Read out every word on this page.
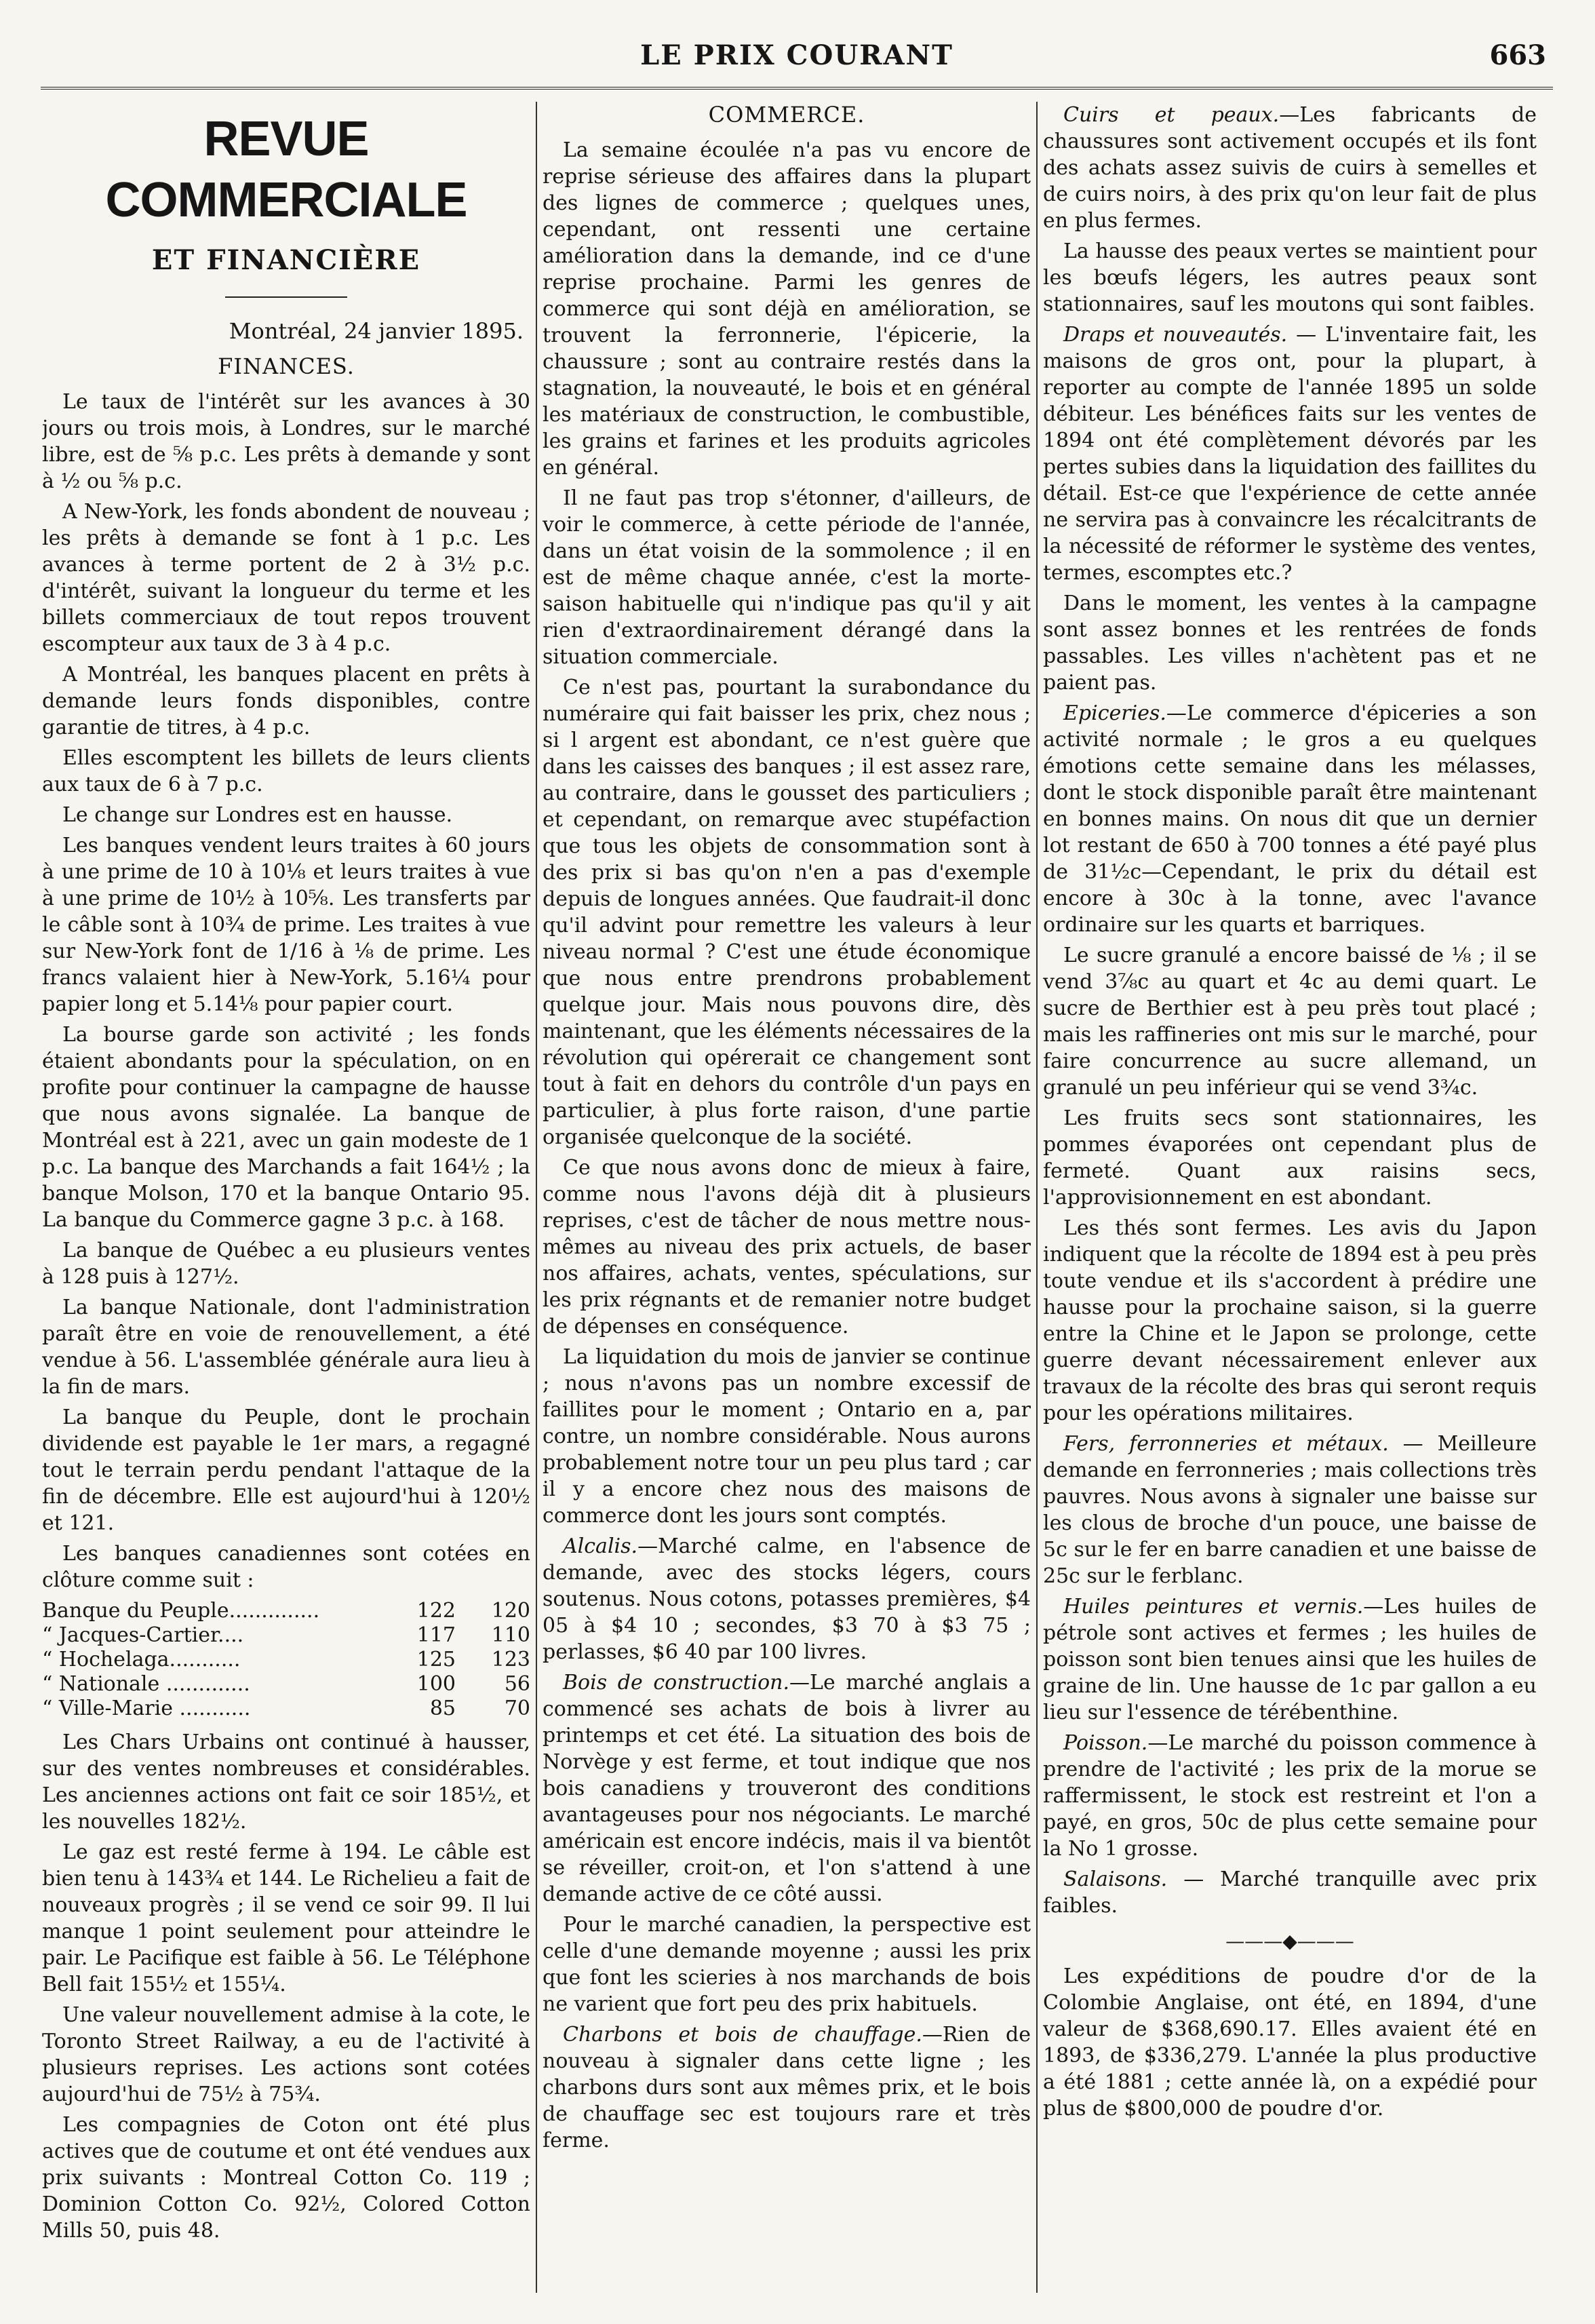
LE PRIX COURANT	663
REVUE COMMERCIALE
ET FINANCIÈRE
Montréal, 24 janvier 1895.
FINANCES.

Le taux de l'intérêt sur les avances à 30 jours ou trois mois, à Londres, sur le marché libre, est de ⅝ p.c. Les prêts à demande y sont à ½ ou ⅝ p.c.

A New-York, les fonds abondent de nouveau ; les prêts à demande se font à 1 p.c. Les avances à terme portent de 2 à 3½ p.c. d'intérêt, suivant la longueur du terme et les billets commerciaux de tout repos trouvent escompteur aux taux de 3 à 4 p.c.

A Montréal, les banques placent en prêts à demande leurs fonds disponibles, contre garantie de titres, à 4 p.c.

Elles escomptent les billets de leurs clients aux taux de 6 à 7 p.c.

Le change sur Londres est en hausse.

Les banques vendent leurs traites à 60 jours à une prime de 10 à 10⅛ et leurs traites à vue à une prime de 10½ à 10⅝. Les transferts par le câble sont à 10¾ de prime. Les traites à vue sur New-York font de 1/16 à ⅛ de prime. Les francs valaient hier à New-York, 5.16¼ pour papier long et 5.14⅛ pour papier court.

La bourse garde son activité ; les fonds étaient abondants pour la spéculation, on en profite pour continuer la campagne de hausse que nous avons signalée. La banque de Montréal est à 221, avec un gain modeste de 1 p.c. La banque des Marchands a fait 164½ ; la banque Molson, 170 et la banque Ontario 95. La banque du Commerce gagne 3 p.c. à 168.

La banque de Québec a eu plusieurs ventes à 128 puis à 127½.

La banque Nationale, dont l'administration paraît être en voie de renouvellement, a été vendue à 56. L'assemblée générale aura lieu à la fin de mars.

La banque du Peuple, dont le prochain dividende est payable le 1er mars, a regagné tout le terrain perdu pendant l'attaque de la fin de décembre. Elle est aujourd'hui à 120½ et 121.

Les banques canadiennes sont cotées en clôture comme suit :

Banque du Peuple..............	122	120
“ Jacques-Cartier....	117	110
“ Hochelaga...........	125	123
“ Nationale .............	100	56
“ Ville-Marie ...........	85	70

Les Chars Urbains ont continué à hausser, sur des ventes nombreuses et considérables. Les anciennes actions ont fait ce soir 185½, et les nouvelles 182½.

Le gaz est resté ferme à 194. Le câble est bien tenu à 143¾ et 144. Le Richelieu a fait de nouveaux progrès ; il se vend ce soir 99. Il lui manque 1 point seulement pour atteindre le pair. Le Pacifique est faible à 56. Le Téléphone Bell fait 155½ et 155¼.

Une valeur nouvellement admise à la cote, le Toronto Street Railway, a eu de l'activité à plusieurs reprises. Les actions sont cotées aujourd'hui de 75½ à 75¾.

Les compagnies de Coton ont été plus actives que de coutume et ont été vendues aux prix suivants : Montreal Cotton Co. 119 ; Dominion Cotton Co. 92½, Colored Cotton Mills 50, puis 48.

COMMERCE.

La semaine écoulée n'a pas vu encore de reprise sérieuse des affaires dans la plupart des lignes de commerce ; quelques unes, cependant, ont ressenti une certaine amélioration dans la demande, ind ce d'une reprise prochaine. Parmi les genres de commerce qui sont déjà en amélioration, se trouvent la ferronnerie, l'épicerie, la chaussure ; sont au contraire restés dans la stagnation, la nouveauté, le bois et en général les matériaux de construction, le combustible, les grains et farines et les produits agricoles en général.

Il ne faut pas trop s'étonner, d'ailleurs, de voir le commerce, à cette période de l'année, dans un état voisin de la sommolence ; il en est de même chaque année, c'est la morte-saison habituelle qui n'indique pas qu'il y ait rien d'extraordinairement dérangé dans la situation commerciale.

Ce n'est pas, pourtant la surabondance du numéraire qui fait baisser les prix, chez nous ; si l argent est abondant, ce n'est guère que dans les caisses des banques ; il est assez rare, au contraire, dans le gousset des particuliers ; et cependant, on remarque avec stupéfaction que tous les objets de consommation sont à des prix si bas qu'on n'en a pas d'exemple depuis de longues années. Que faudrait-il donc qu'il advint pour remettre les valeurs à leur niveau normal ? C'est une étude économique que nous entre prendrons probablement quelque jour. Mais nous pouvons dire, dès maintenant, que les éléments nécessaires de la révolution qui opérerait ce changement sont tout à fait en dehors du contrôle d'un pays en particulier, à plus forte raison, d'une partie organisée quelconque de la société.

Ce que nous avons donc de mieux à faire, comme nous l'avons déjà dit à plusieurs reprises, c'est de tâcher de nous mettre nous-mêmes au niveau des prix actuels, de baser nos affaires, achats, ventes, spéculations, sur les prix régnants et de remanier notre budget de dépenses en conséquence.

La liquidation du mois de janvier se continue ; nous n'avons pas un nombre excessif de faillites pour le moment ; Ontario en a, par contre, un nombre considérable. Nous aurons probablement notre tour un peu plus tard ; car il y a encore chez nous des maisons de commerce dont les jours sont comptés.

Alcalis.—Marché calme, en l'absence de demande, avec des stocks légers, cours soutenus. Nous cotons, potasses premières, $4 05 à $4 10 ; secondes, $3 70 à $3 75 ; perlasses, $6 40 par 100 livres.

Bois de construction.—Le marché anglais a commencé ses achats de bois à livrer au printemps et cet été. La situation des bois de Norvège y est ferme, et tout indique que nos bois canadiens y trouveront des conditions avantageuses pour nos négociants. Le marché américain est encore indécis, mais il va bientôt se réveiller, croit-on, et l'on s'attend à une demande active de ce côté aussi.

Pour le marché canadien, la perspective est celle d'une demande moyenne ; aussi les prix que font les scieries à nos marchands de bois ne varient que fort peu des prix habituels.

Charbons et bois de chauffage.—Rien de nouveau à signaler dans cette ligne ; les charbons durs sont aux mêmes prix, et le bois de chauffage sec est toujours rare et très ferme.

Cuirs et peaux.—Les fabricants de chaussures sont activement occupés et ils font des achats assez suivis de cuirs à semelles et de cuirs noirs, à des prix qu'on leur fait de plus en plus fermes.

La hausse des peaux vertes se maintient pour les bœufs légers, les autres peaux sont stationnaires, sauf les moutons qui sont faibles.

Draps et nouveautés. — L'inventaire fait, les maisons de gros ont, pour la plupart, à reporter au compte de l'année 1895 un solde débiteur. Les bénéfices faits sur les ventes de 1894 ont été complètement dévorés par les pertes subies dans la liquidation des faillites du détail. Est-ce que l'expérience de cette année ne servira pas à convaincre les récalcitrants de la nécessité de réformer le système des ventes, termes, escomptes etc.?

Dans le moment, les ventes à la campagne sont assez bonnes et les rentrées de fonds passables. Les villes n'achètent pas et ne paient pas.

Epiceries.—Le commerce d'épiceries a son activité normale ; le gros a eu quelques émotions cette semaine dans les mélasses, dont le stock disponible paraît être maintenant en bonnes mains. On nous dit que un dernier lot restant de 650 à 700 tonnes a été payé plus de 31½c—Cependant, le prix du détail est encore à 30c à la tonne, avec l'avance ordinaire sur les quarts et barriques.

Le sucre granulé a encore baissé de ⅛ ; il se vend 3⅞c au quart et 4c au demi quart. Le sucre de Berthier est à peu près tout placé ; mais les raffineries ont mis sur le marché, pour faire concurrence au sucre allemand, un granulé un peu inférieur qui se vend 3¾c.

Les fruits secs sont stationnaires, les pommes évaporées ont cependant plus de fermeté. Quant aux raisins secs, l'approvisionnement en est abondant.

Les thés sont fermes. Les avis du Japon indiquent que la récolte de 1894 est à peu près toute vendue et ils s'accordent à prédire une hausse pour la prochaine saison, si la guerre entre la Chine et le Japon se prolonge, cette guerre devant nécessairement enlever aux travaux de la récolte des bras qui seront requis pour les opérations militaires.

Fers, ferronneries et métaux. — Meilleure demande en ferronneries ; mais collections très pauvres. Nous avons à signaler une baisse sur les clous de broche d'un pouce, une baisse de 5c sur le fer en barre canadien et une baisse de 25c sur le ferblanc.

Huiles peintures et vernis.—Les huiles de pétrole sont actives et fermes ; les huiles de poisson sont bien tenues ainsi que les huiles de graine de lin. Une hausse de 1c par gallon a eu lieu sur l'essence de térébenthine.

Poisson.—Le marché du poisson commence à prendre de l'activité ; les prix de la morue se raffermissent, le stock est restreint et l'on a payé, en gros, 50c de plus cette semaine pour la No 1 grosse.

Salaisons. — Marché tranquille avec prix faibles.

———◆———

Les expéditions de poudre d'or de la Colombie Anglaise, ont été, en 1894, d'une valeur de $368,690.17. Elles avaient été en 1893, de $336,279. L'année la plus productive a été 1881 ; cette année là, on a expédié pour plus de $800,000 de poudre d'or.
